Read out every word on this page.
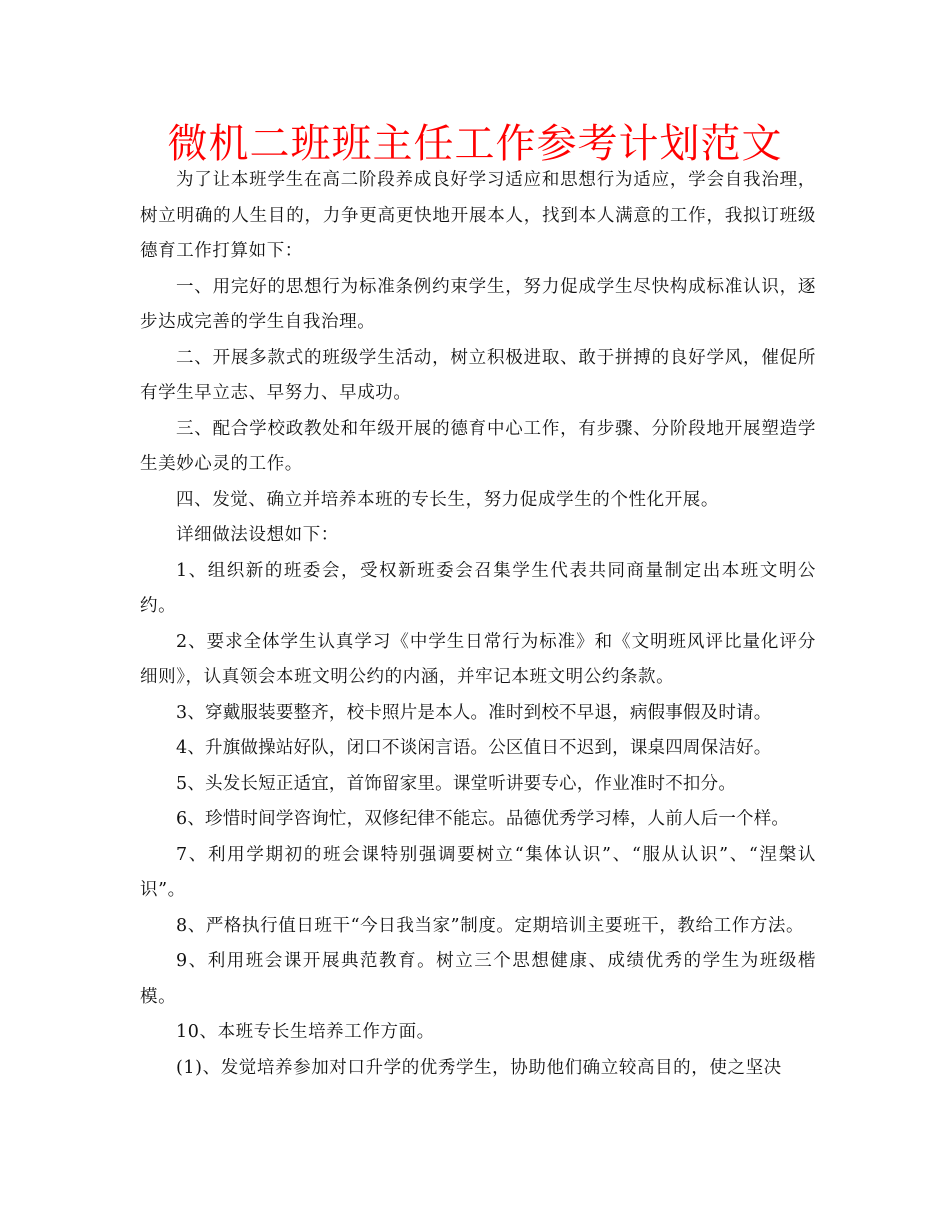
微机二班班主任工作参考计划范文

为了让本班学生在高二阶段养成良好学习适应和思想行为适应，学会自我治理，树立明确的人生目的，力争更高更快地开展本人，找到本人满意的工作，我拟订班级德育工作打算如下：

一、用完好的思想行为标准条例约束学生，努力促成学生尽快构成标准认识，逐步达成完善的学生自我治理。

二、开展多款式的班级学生活动，树立积极进取、敢于拼搏的良好学风，催促所有学生早立志、早努力、早成功。

三、配合学校政教处和年级开展的德育中心工作，有步骤、分阶段地开展塑造学生美妙心灵的工作。

四、发觉、确立并培养本班的专长生，努力促成学生的个性化开展。

详细做法设想如下：

1、组织新的班委会，受权新班委会召集学生代表共同商量制定出本班文明公约。

2、要求全体学生认真学习《中学生日常行为标准》和《文明班风评比量化评分细则》，认真领会本班文明公约的内涵，并牢记本班文明公约条款。

3、穿戴服装要整齐，校卡照片是本人。准时到校不早退，病假事假及时请。

4、升旗做操站好队，闭口不谈闲言语。公区值日不迟到，课桌四周保洁好。

5、头发长短正适宜，首饰留家里。课堂听讲要专心，作业准时不扣分。

6、珍惜时间学咨询忙，双修纪律不能忘。品德优秀学习棒，人前人后一个样。

7、利用学期初的班会课特别强调要树立“集体认识”、“服从认识”、“涅槃认识”。

8、严格执行值日班干“今日我当家”制度。定期培训主要班干，教给工作方法。

9、利用班会课开展典范教育。树立三个思想健康、成绩优秀的学生为班级楷模。

10、本班专长生培养工作方面。

(1)、发觉培养参加对口升学的优秀学生，协助他们确立较高目的，使之坚决
